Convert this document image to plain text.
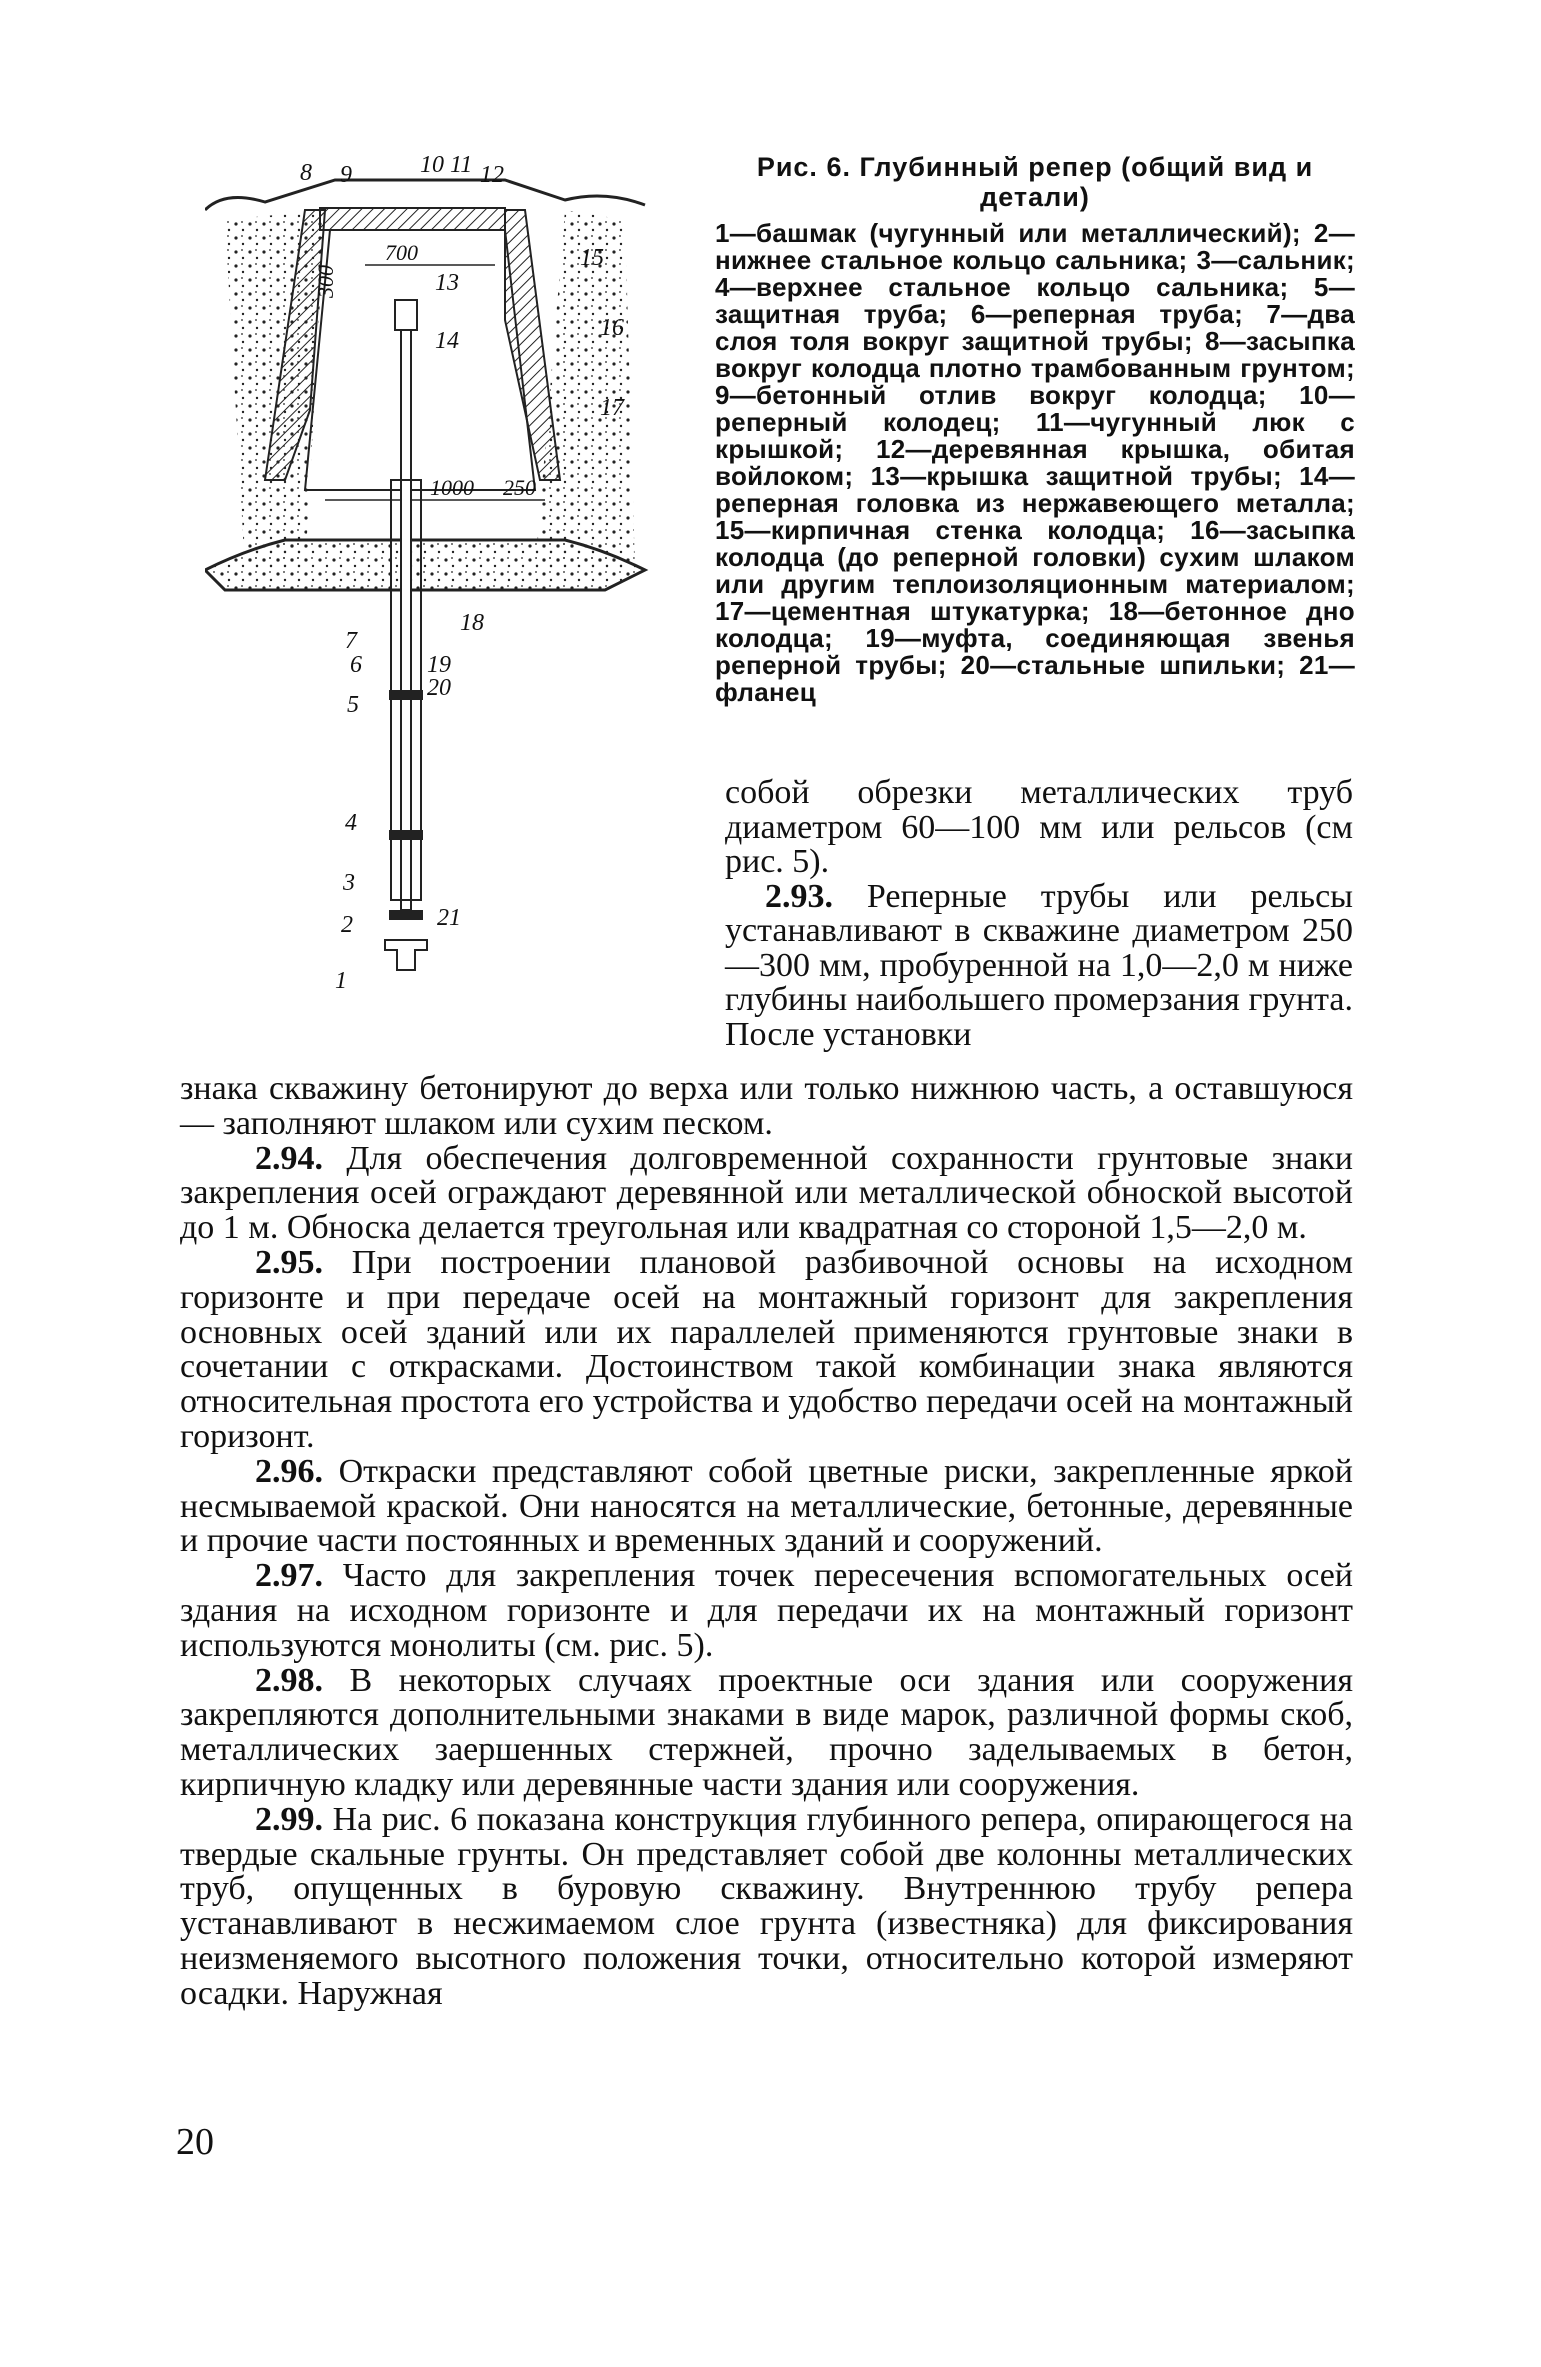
700
300
1000 250
8 9	10 11 12
15
16
17
13
14
18
7
6	19
5
20
4
3
2	21
1
Рис. 6. Глубинный репер (общий вид и детали)
1—башмак (чугунный или металлический); 2—нижнее стальное кольцо сальника; 3—сальник; 4—верхнее стальное кольцо сальника; 5—защитная труба; 6—реперная труба; 7—два слоя толя вокруг защитной трубы; 8—засыпка вокруг колодца плотно трамбованным грунтом; 9—бетонный отлив вокруг колодца; 10—реперный колодец; 11—чугунный люк с крышкой; 12—деревянная крышка, обитая войлоком; 13—крышка защитной трубы; 14—реперная головка из нержавеющего металла; 15—кирпичная стенка колодца; 16—засыпка колодца (до реперной головки) сухим шлаком или другим теплоизоляционным материалом; 17—цементная штукатурка; 18—бетонное дно колодца; 19—муфта, соединяющая звенья реперной трубы; 20—стальные шпильки; 21—фланец

собой обрезки металлических труб диаметром 60—100 мм или рельсов (см рис. 5).

2.93. Реперные трубы или рельсы устанавливают в скважине диаметром 250—300 мм, пробуренной на 1,0—2,0 м ниже глубины наибольшего промерзания грунта. После установки

знака скважину бетонируют до верха или только нижнюю часть, а оставшуюся — заполняют шлаком или сухим песком.

2.94. Для обеспечения долговременной сохранности грунтовые знаки закрепления осей ограждают деревянной или металлической обноской высотой до 1 м. Обноска делается треугольная или квадратная со стороной 1,5—2,0 м.

2.95. При построении плановой разбивочной основы на исходном горизонте и при передаче осей на монтажный горизонт для закрепления основных осей зданий или их параллелей применяются грунтовые знаки в сочетании с открасками. Достоинством такой комбинации знака являются относительная простота его устройства и удобство передачи осей на монтажный горизонт.

2.96. Открaски представляют собой цветные риски, закрепленные яркой несмываемой краской. Они наносятся на металлические, бетонные, деревянные и прочие части постоянных и временных зданий и сооружений.

2.97. Часто для закрепления точек пересечения вспомогательных осей здания на исходном горизонте и для передачи их на монтажный горизонт используются монолиты (см. рис. 5).

2.98. В некоторых случаях проектные оси здания или сооружения закрепляются дополнительными знаками в виде марок, различной формы скоб, металлических заершенных стержней, прочно заделываемых в бетон, кирпичную кладку или деревянные части здания или сооружения.

2.99. На рис. 6 показана конструкция глубинного репера, опирающегося на твердые скальные грунты. Он представляет собой две колонны металлических труб, опущенных в буровую скважину. Внутреннюю трубу репера устанавливают в несжимаемом слое грунта (известняка) для фиксирования неизменяемого высотного положения точки, относительно которой измеряют осадки. Наружная

20
